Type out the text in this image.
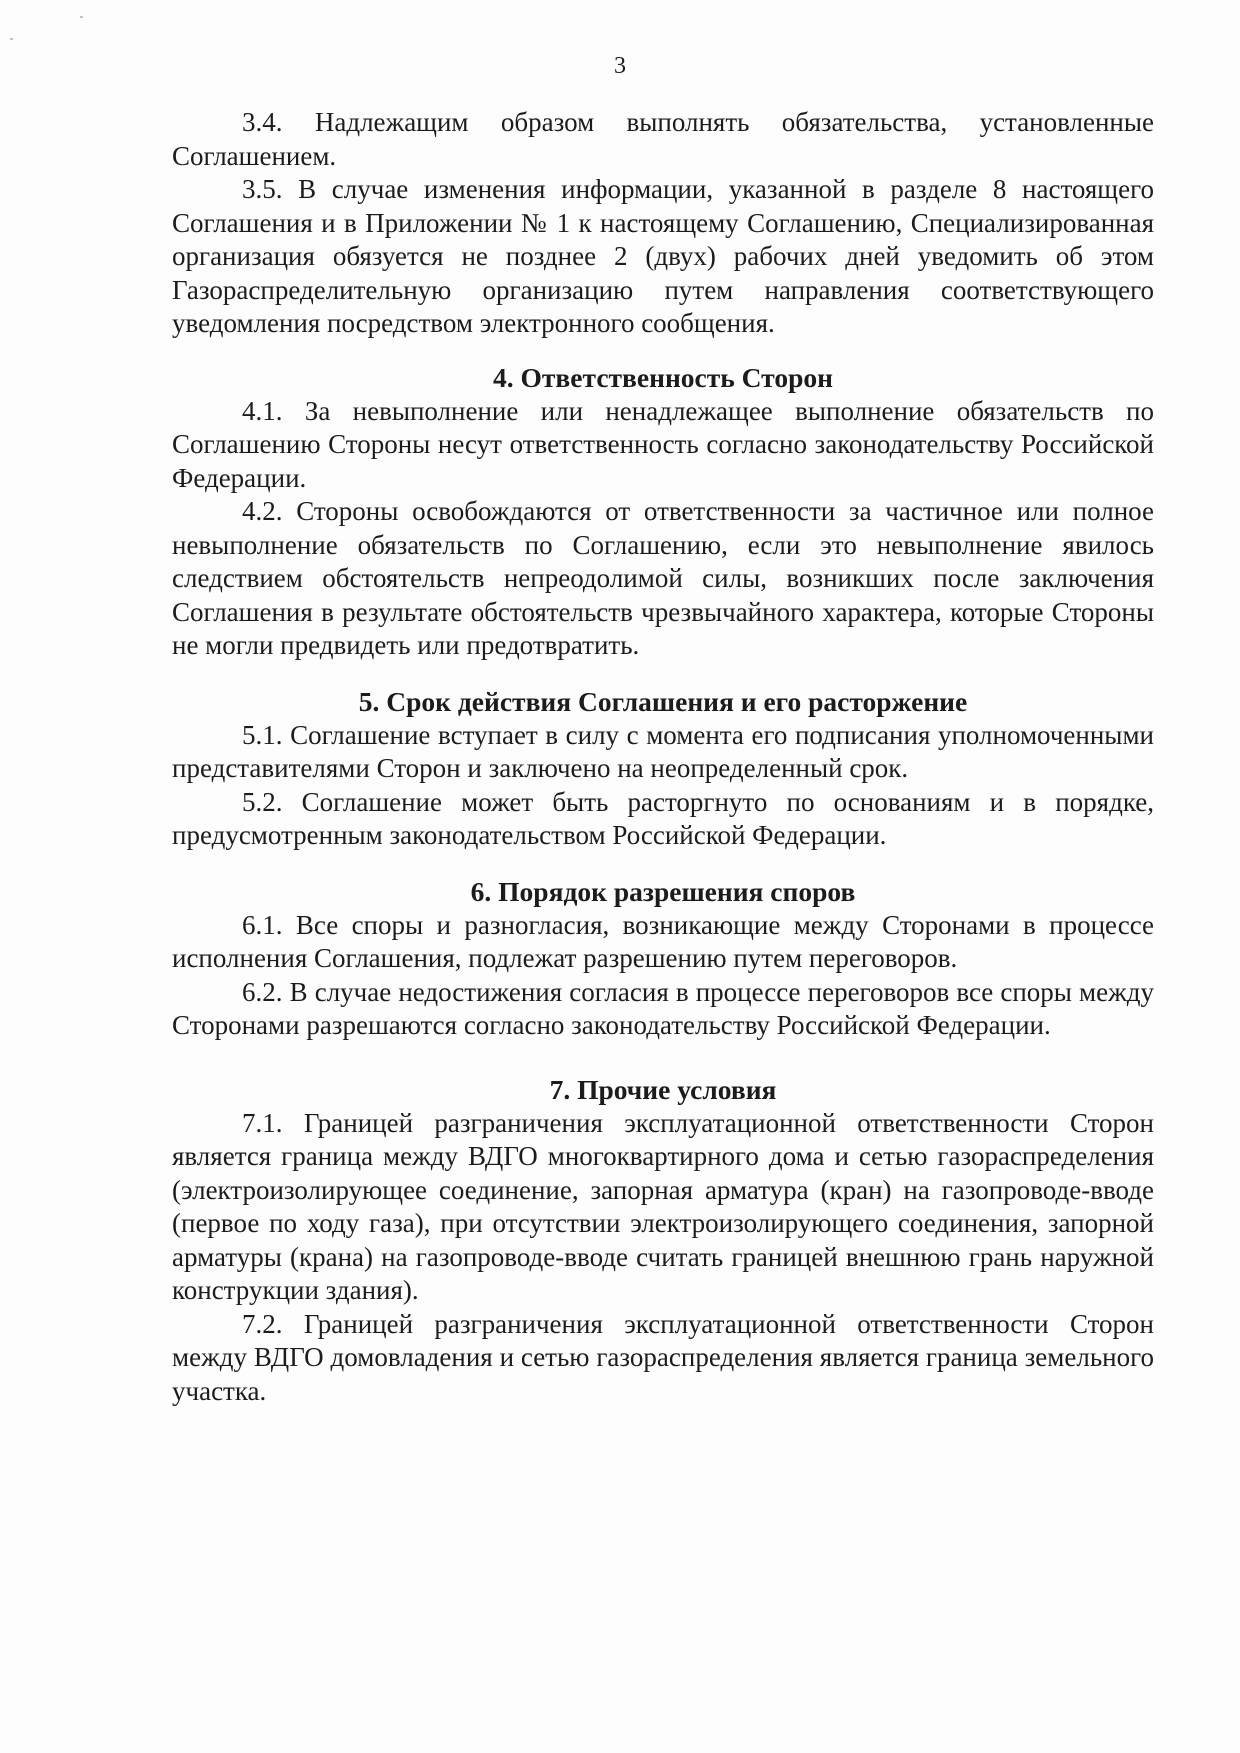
3

3.4. Надлежащим образом выполнять обязательства, установленные Соглашением.

3.5. В случае изменения информации, указанной в разделе 8 настоящего Соглашения и в Приложении № 1 к настоящему Соглашению, Специализированная организация обязуется не позднее 2 (двух) рабочих дней уведомить об этом Газораспределительную организацию путем направления соответствующего уведомления посредством электронного сообщения.

4. Ответственность Сторон

4.1. За невыполнение или ненадлежащее выполнение обязательств по Соглашению Стороны несут ответственность согласно законодательству Российской Федерации.

4.2. Стороны освобождаются от ответственности за частичное или полное невыполнение обязательств по Соглашению, если это невыполнение явилось следствием обстоятельств непреодолимой силы, возникших после заключения Соглашения в результате обстоятельств чрезвычайного характера, которые Стороны не могли предвидеть или предотвратить.

5. Срок действия Соглашения и его расторжение

5.1. Соглашение вступает в силу с момента его подписания уполномоченными представителями Сторон и заключено на неопределенный срок.

5.2. Соглашение может быть расторгнуто по основаниям и в порядке, предусмотренным законодательством Российской Федерации.

6. Порядок разрешения споров

6.1. Все споры и разногласия, возникающие между Сторонами в процессе исполнения Соглашения, подлежат разрешению путем переговоров.

6.2. В случае недостижения согласия в процессе переговоров все споры между Сторонами разрешаются согласно законодательству Российской Федерации.

7. Прочие условия

7.1. Границей разграничения эксплуатационной ответственности Сторон является граница между ВДГО многоквартирного дома и сетью газораспределения (электроизолирующее соединение, запорная арматура (кран) на газопроводе-вводе (первое по ходу газа), при отсутствии электроизолирующего соединения, запорной арматуры (крана) на газопроводе-вводе считать границей внешнюю грань наружной конструкции здания).

7.2. Границей разграничения эксплуатационной ответственности Сторон между ВДГО домовладения и сетью газораспределения является граница земельного участка.
